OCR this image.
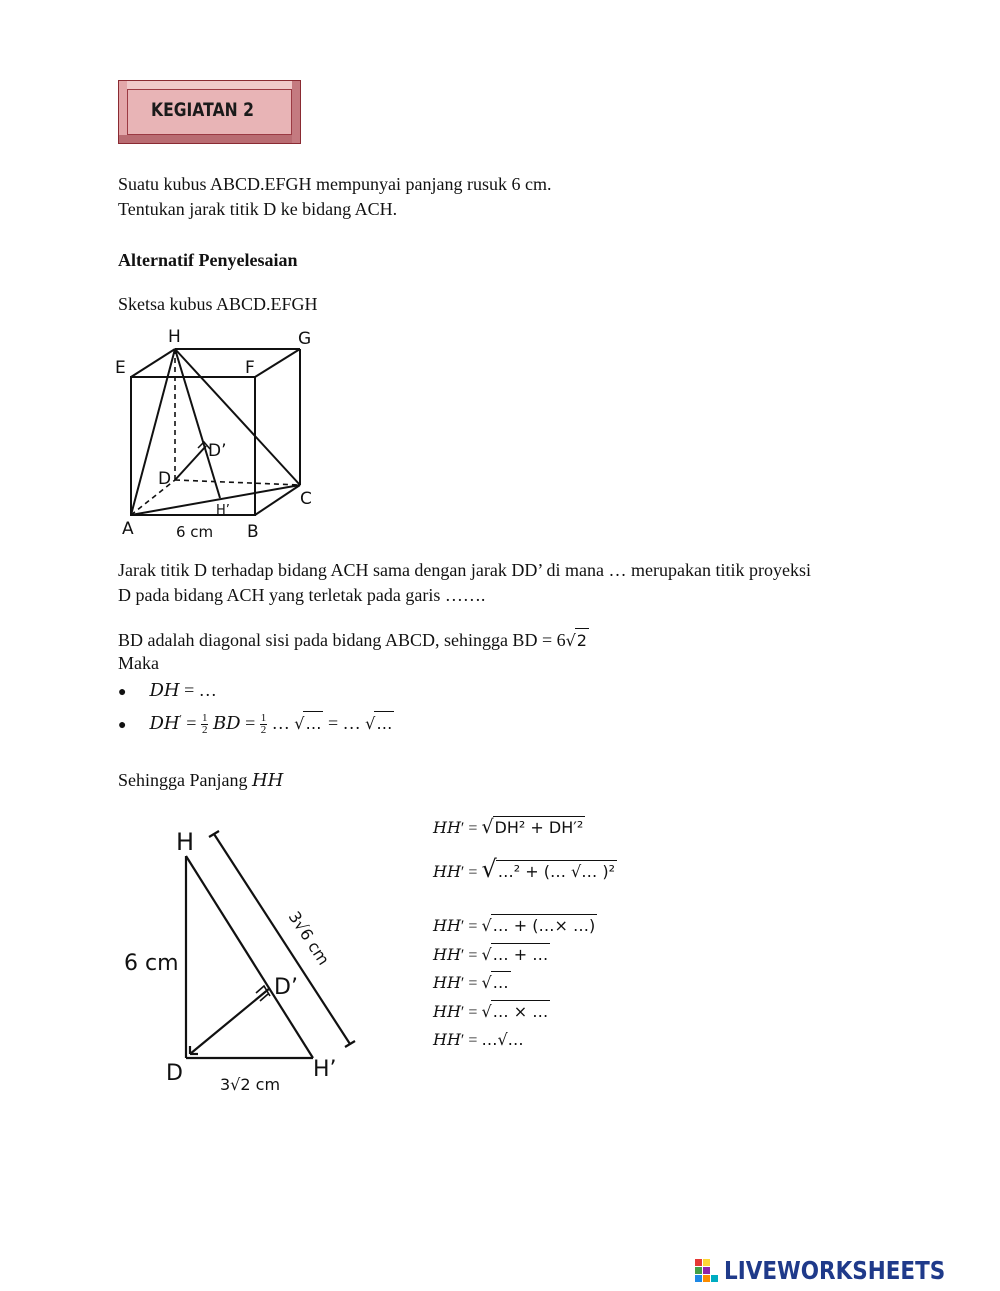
KEGIATAN 2
Suatu kubus ABCD.EFGH mempunyai panjang rusuk 6 cm.
Tentukan jarak titik D ke bidang ACH.
Alternatif Penyelesaian
Sketsa kubus ABCD.EFGH
H	G
E	F
D’
D
C
H’
A	B
6 cm
Jarak titik D terhadap bidang ACH sama dengan jarak DD’ di mana … merupakan titik proyeksi
D pada bidang ACH yang terletak pada garis …….
BD adalah diagonal sisi pada bidang ABCD, sehingga BD = 6√2
Maka
● DH = …
● $DH' = \frac{1}{2}$ BD = $\frac{1}{2}$ … √… = … √…
Sehingga Panjang HH
H
6 cm
D’
D	H’
3√2 cm
3√6 cm
HH′ = √DH² + DH′²
HH′ = √…² + (… √… )²
HH′ = √… + (…× …)
HH′ = √… + …
HH′ = √…
HH′ = √… × …
HH′ = …√…
LIVEWORKSHEETS
